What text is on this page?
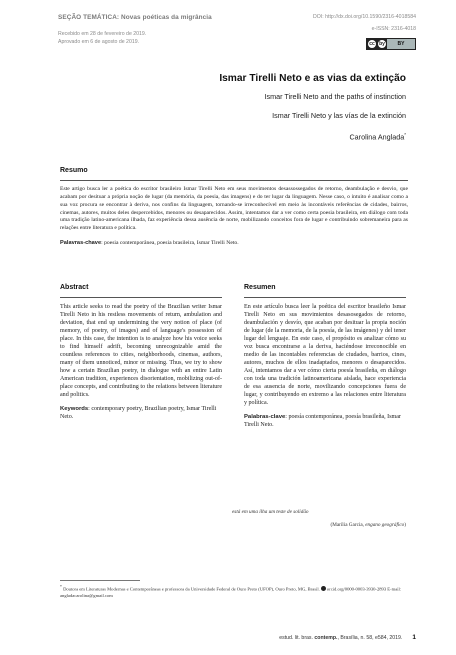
SEÇÃO TEMÁTICA: Novas poéticas da migrância
Recebido em 28 de fevereiro de 2019.
Aprovado em 6 de agosto de 2019.
DOI: http://dx.doi.org/10.1590/2316-4018584
e-ISSN: 2316-4018
cc by	BY
Ismar Tirelli Neto e as vias da extinção
Ismar Tirelli Neto and the paths of instinction
Ismar Tirelli Neto y las vías de la extinción
Carolina Anglada*
Resumo

Este artigo busca ler a poética do escritor brasileiro Ismar Tirelli Neto em seus movimentos desassossegados de retorno, deambulação e desvio, que acabam por desituar a própria noção de lugar (da memória, da poesia, das imagens) e do ter lugar da linguagem. Nesse caso, o intuito é analisar como a sua voz procura se encontrar à deriva, nos confins da linguagem, tornando-se irreconhecível em meio às incontáveis referências de cidades, bairros, cinemas, autores, muitos deles desperceb​idos, menores ou desaparecidos. Assim, intentamos dar a ver como certa poesia brasileira, em diálogo com toda uma tradição latino-americana ilhada, faz experiência dessa ausência de norte, mobilizando conceitos fora de lugar e contribuindo sobremaneira para as relações entre literatura e política.

Palavras-chave: poesia contemporânea, poesia brasileira, Ismar Tirelli Neto.
Abstract

This article seeks to read the poetry of the Brazilian writer Ismar Tirelli Neto in his restless movements of return, ambulation and deviation, that end up undermining the very notion of place (of memory, of poetry, of images) and of language's possession of place. In this case, the intention is to analyze how his voice seeks to find himself adrift, becoming unrecognizable amid the countless references to cities, neighborhoods, cinemas, authors, many of them unnoticed, minor or missing. Thus, we try to show how a certain Brazilian poetry, in dialogue with an entire Latin American tradition, experiences disorientation, mobilizing out-of-place concepts, and contributing to the relations between literature and politics.

Keywords: contemporary poetry, Brazilian poetry, Ismar Tirelli Neto.
Resumen

En este artículo busca leer la poética del escritor brasileño Ismar Tirelli Neto en sus movimientos desasosegados de retorno, deambulación y desvío, que acaban por desituar la propia noción de lugar (de la memoria, de la poesía, de las imágenes) y del tener lugar del lenguaje. En este caso, el propósito es analizar cómo su voz busca encontrarse a la deriva, haciéndose irreconocible en medio de las incontables referencias de ciudades, barrios, cines, autores, muchos de ellos inadaptados, menores o desaparecidos. Así, intentamos dar a ver cómo cierta poesía brasileña, en diálogo con toda una tradición latinoamericana aislada, hace experiencia de esa ausencia de norte, movilizando concepciones fuera de lugar, y contribuyendo en extremo a las relaciones entre literatura y política.

Palabras-clave: poesía contemporánea, poesía brasileña, Ismar Tirelli Neto.
está em uma ilha um teste de solidão
(Marília Garcia, engano geográfico)
* Doutora em Literaturas Modernas e Contemporâneas e professora da Universidade Federal de Ouro Preto (UFOP), Ouro Preto, MG, Brasil. orcid.org/0000-0003-3930-2893 E-mail: angladacarolina@gmail.com
estud. lit. bras. contemp., Brasília, n. 58, e584, 2019. 1
